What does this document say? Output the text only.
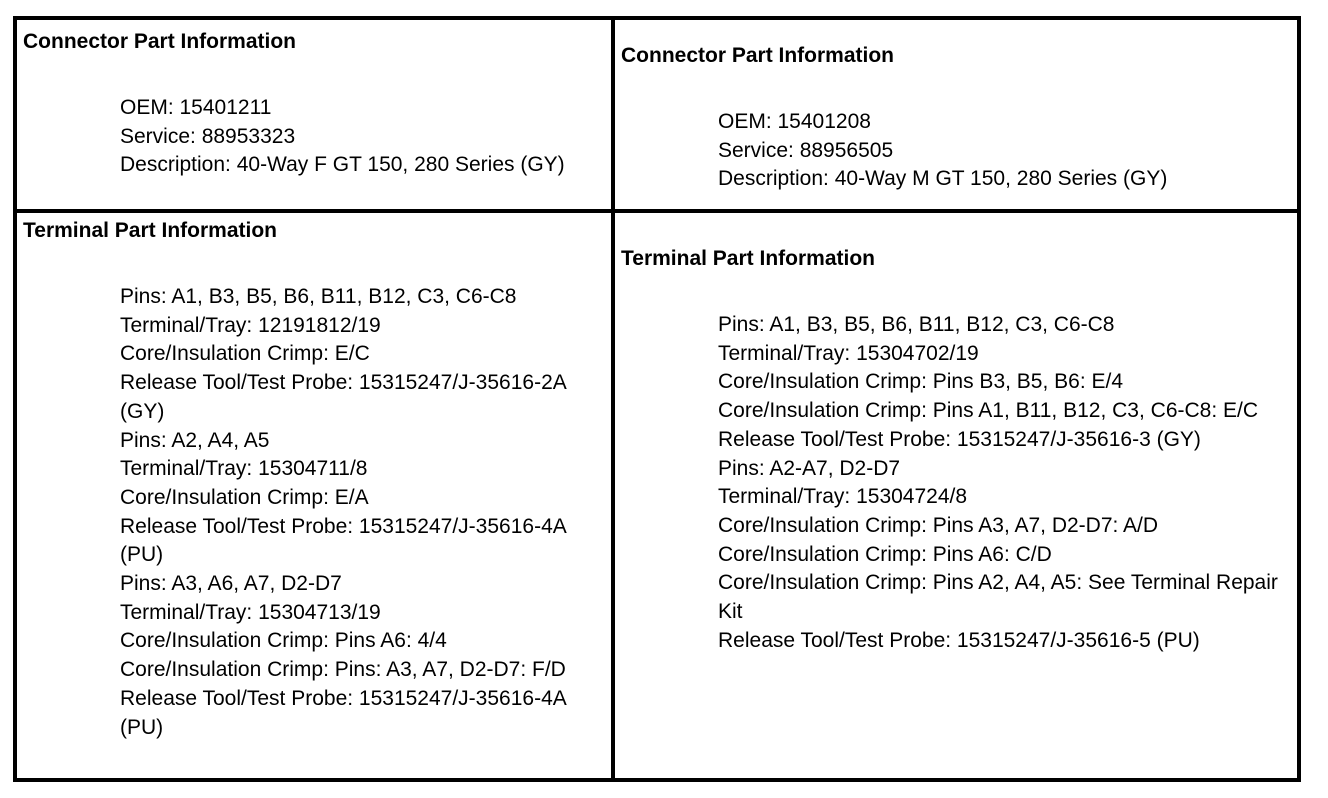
Connector Part Information
OEM: 15401211
Service: 88953323
Description: 40-Way F GT 150, 280 Series (GY)
Connector Part Information
OEM: 15401208
Service: 88956505
Description: 40-Way M GT 150, 280 Series (GY)
Terminal Part Information
Pins: A1, B3, B5, B6, B11, B12, C3, C6-C8
Terminal/Tray: 12191812/19
Core/Insulation Crimp: E/C
Release Tool/Test Probe: 15315247/J-35616-2A (GY)
Pins: A2, A4, A5
Terminal/Tray: 15304711/8
Core/Insulation Crimp: E/A
Release Tool/Test Probe: 15315247/J-35616-4A (PU)
Pins: A3, A6, A7, D2-D7
Terminal/Tray: 15304713/19
Core/Insulation Crimp: Pins A6: 4/4
Core/Insulation Crimp: Pins: A3, A7, D2-D7: F/D
Release Tool/Test Probe: 15315247/J-35616-4A (PU)
Terminal Part Information
Pins: A1, B3, B5, B6, B11, B12, C3, C6-C8
Terminal/Tray: 15304702/19
Core/Insulation Crimp: Pins B3, B5, B6: E/4
Core/Insulation Crimp: Pins A1, B11, B12, C3, C6-C8: E/C
Release Tool/Test Probe: 15315247/J-35616-3 (GY)
Pins: A2-A7, D2-D7
Terminal/Tray: 15304724/8
Core/Insulation Crimp: Pins A3, A7, D2-D7: A/D
Core/Insulation Crimp: Pins A6: C/D
Core/Insulation Crimp: Pins A2, A4, A5: See Terminal Repair Kit
Release Tool/Test Probe: 15315247/J-35616-5 (PU)
